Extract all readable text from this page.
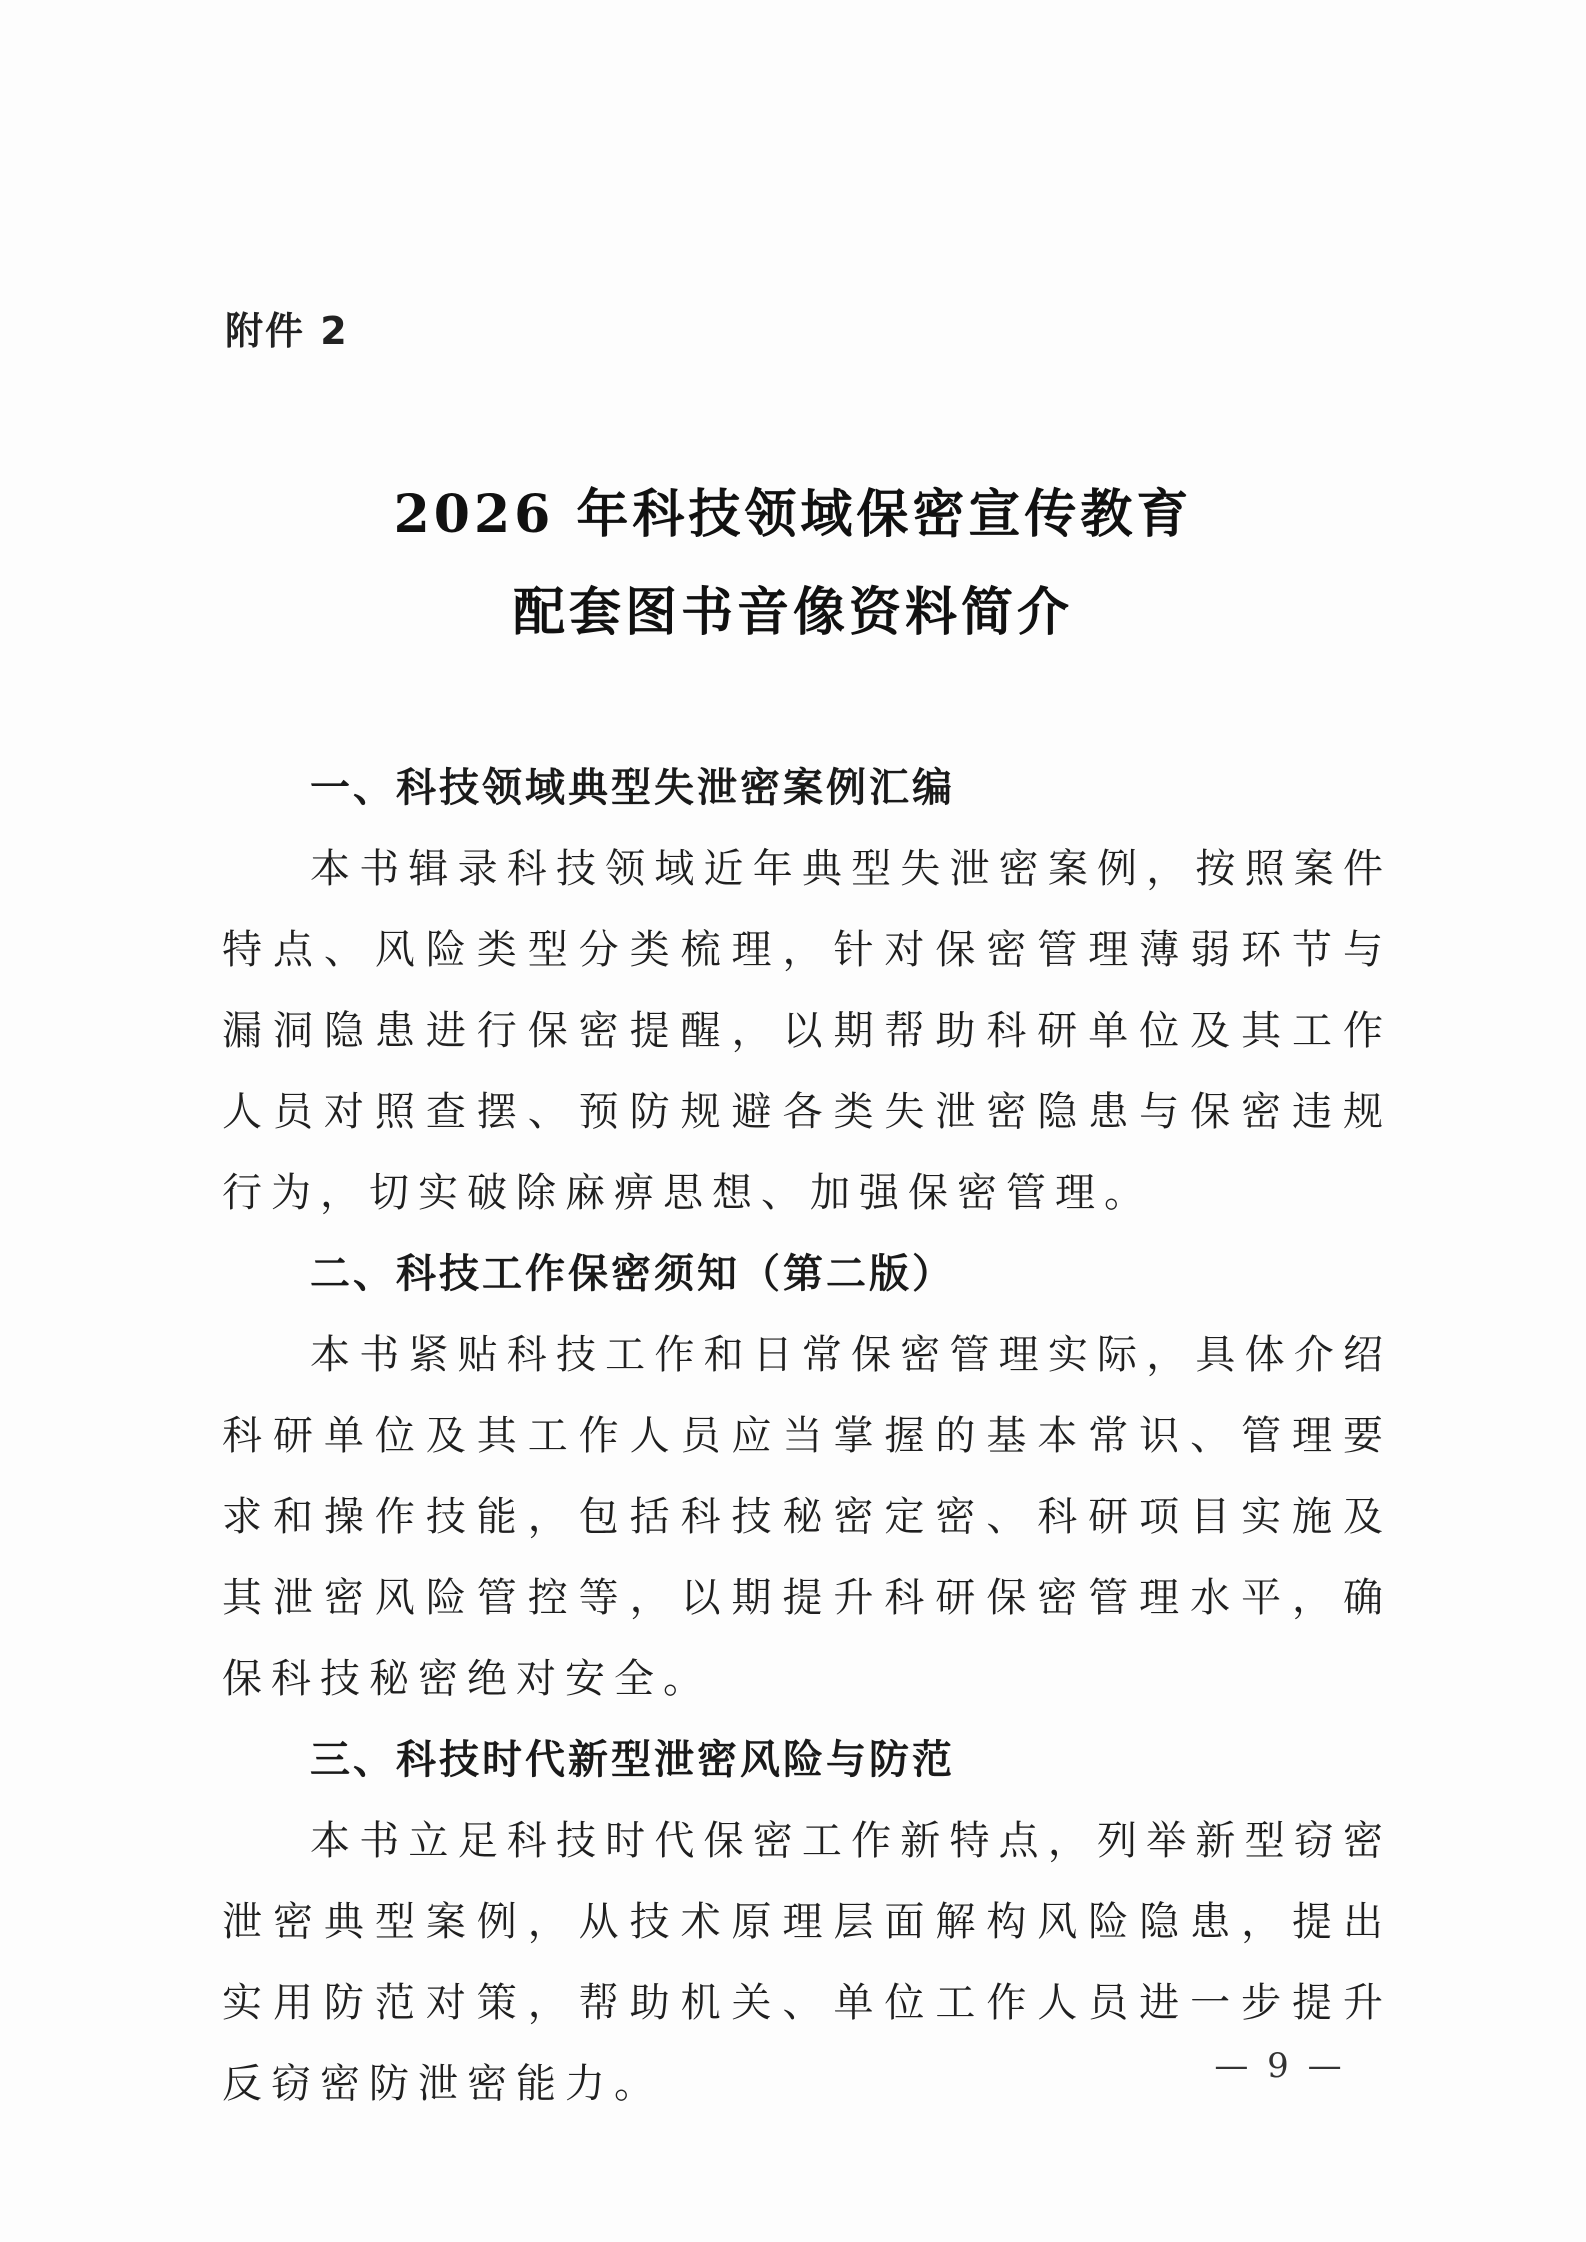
附件 2
2026 年科技领域保密宣传教育
配套图书音像资料简介

一、科技领域典型失泄密案例汇编

本书辑录科技领域近年典型失泄密案例，按照案件特点、风险类型分类梳理，针对保密管理薄弱环节与漏洞隐患进行保密提醒，以期帮助科研单位及其工作人员对照查摆、预防规避各类失泄密隐患与保密违规行为，切实破除麻痹思想、加强保密管理。

二、科技工作保密须知（第二版）

本书紧贴科技工作和日常保密管理实际，具体介绍科研单位及其工作人员应当掌握的基本常识、管理要求和操作技能，包括科技秘密定密、科研项目实施及其泄密风险管控等，以期提升科研保密管理水平，确保科技秘密绝对安全。

三、科技时代新型泄密风险与防范

本书立足科技时代保密工作新特点，列举新型窃密泄密典型案例，从技术原理层面解构风险隐患，提出实用防范对策，帮助机关、单位工作人员进一步提升反窃密防泄密能力。	— 9 —
